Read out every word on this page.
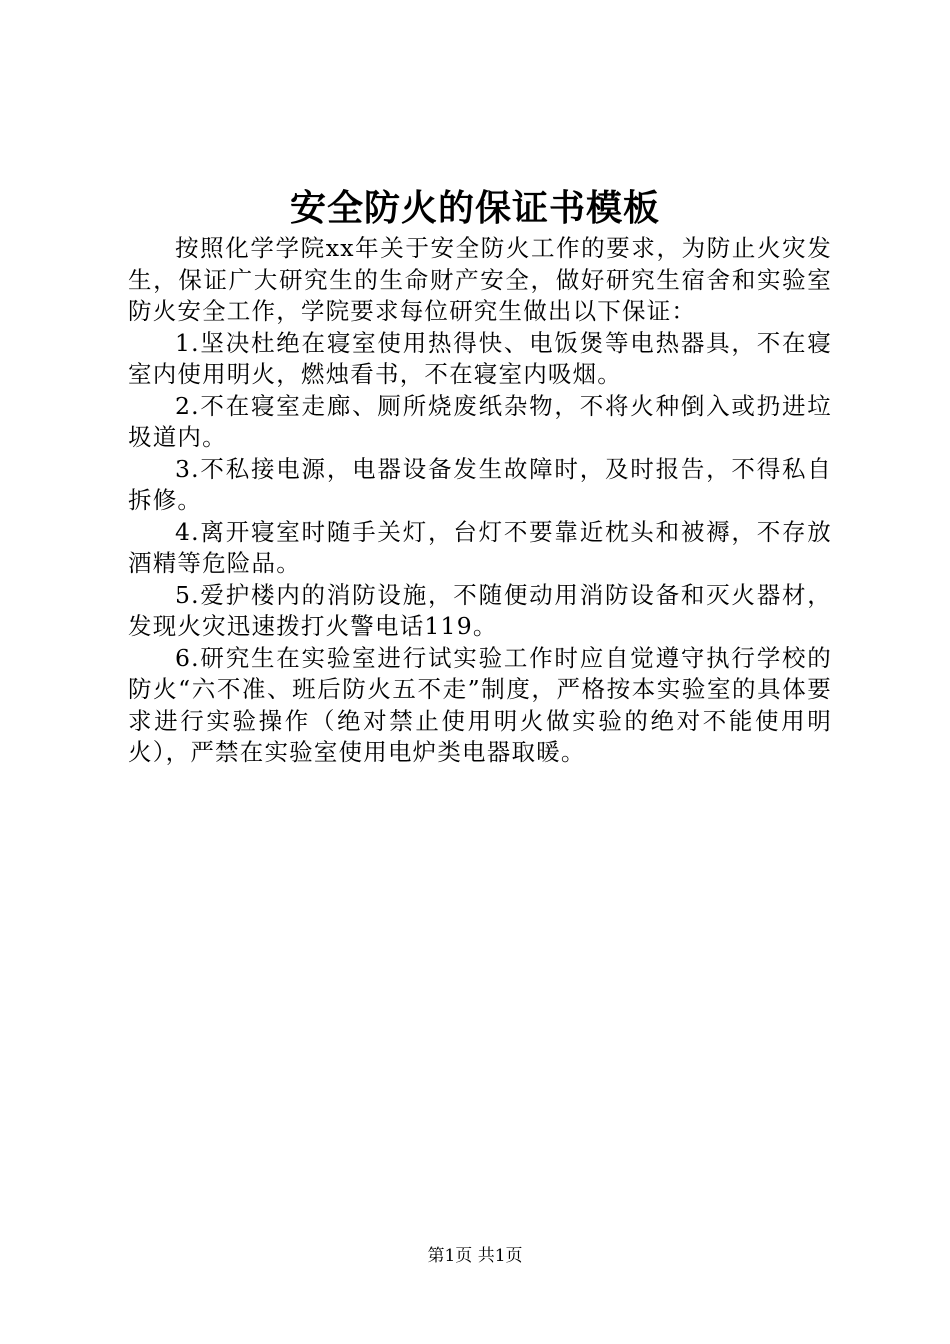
安全防火的保证书模板

按照化学学院xx年关于安全防火工作的要求，为防止火灾发生，保证广大研究生的生命财产安全，做好研究生宿舍和实验室防火安全工作，学院要求每位研究生做出以下保证：

1.坚决杜绝在寝室使用热得快、电饭煲等电热器具，不在寝室内使用明火，燃烛看书，不在寝室内吸烟。

2.不在寝室走廊、厕所烧废纸杂物，不将火种倒入或扔进垃圾道内。

3.不私接电源，电器设备发生故障时，及时报告，不得私自拆修。

4.离开寝室时随手关灯，台灯不要靠近枕头和被褥，不存放酒精等危险品。

5.爱护楼内的消防设施，不随便动用消防设备和灭火器材，发现火灾迅速拨打火警电话119。

6.研究生在实验室进行试实验工作时应自觉遵守执行学校的防火“六不准、班后防火五不走”制度，严格按本实验室的具体要求进行实验操作（绝对禁止使用明火做实验的绝对不能使用明火），严禁在实验室使用电炉类电器取暖。

第1页 共1页
